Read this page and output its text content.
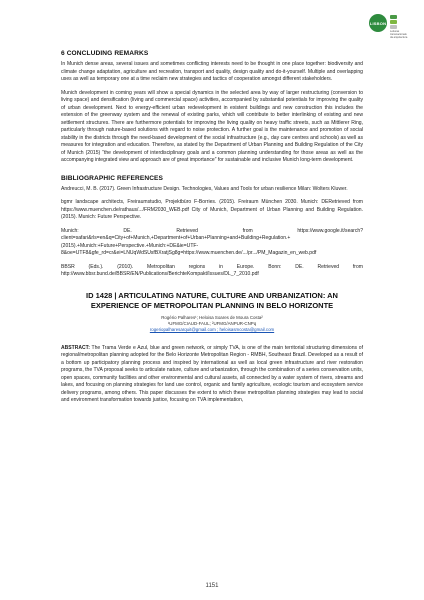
LISBON
Leituras transnacionais da arquitectura
6 CONCLUDING REMARKS

In Munich dense areas, several issues and sometimes conflicting interests need to be thought in one place together: biodiversity and climate change adaptation, agriculture and recreation, transport and quality, design quality and do-it-yourself. Multiple and overlapping uses as well as temporary one at a time reclaim new strategies and tactics of cooperation amongst different stakeholders.

Munich development in coming years will show a special dynamics in the selected area by way of larger restructuring (conversion to living space) and densification (living and commercial space) activities, accompanied by substantial potentials for improving the quality of urban development. Next to energy-efficient urban redevelopment in existent buildings and new construction this includes the extension of the greenway system and the renewal of existing parks, which will contribute to better interlinking of existing and new settlement structures. There are furthermore potentials for improving the living quality on heavy traffic streets, such as Mittlerer Ring, particularly through nature-based solutions with regard to noise protection. A further goal is the maintenance and promotion of social stability in the districts through the need-based development of the social infrastructure (e.g., day care centres and schools) as well as measures for integration and education. Therefore, as stated by the Department of Urban Planning and Building Regulation of the City of Munich (2015) “the development of interdisciplinary goals and a common planning understanding for those areas as well as the accompanying integrated view and approach are of great importance” for sustainable and inclusive Munich long-term development.

BIBLIOGRAPHIC REFERENCES

Andreucci, M. B. (2017). Green Infrastructure Design. Technologies, Values and Tools for urban resilience Milan: Wolters Kluwer.

bgmr landscape architects, Freiraumstudio, Projektbüro F-Borries. (2015). Freiraum München 2030. Munich: DERetrieved from https://www.muenchen.de/rathaus/.../FRM2030_WEB.pdf City of Munich, Department of Urban Planning and Building Regulation. (2015). Munich: Future Perspective.

Munich: DE. Retrieved from https://www.google.it/search?client=safari&rls=en&q=City+of+Munich,+Department+of+Urban+Planning+and+Building+Regulation.+(2015).+Munich:+Future+Perspective.+Munich:+DE&ie=UTF-8&oe=UTF8&gfe_rd=cr&ei=LNUqWdSUsfBXratjSg8g=https://www.muenchen.de/.../pr.../PM_Magazin_en_web.pdf

BBSR (Eds.). (2010). Metropolitan regions in Europe. Bonn: DE. Retrieved from http://www.bbsr.bund.de/BBSR/EN/Publications/BerichteKompakt/Issues/DL_7_2010.pdf

ID 1428 | ARTICULATING NATURE, CULTURE AND URBANIZATION: AN EXPERIENCE OF METROPOLITAN PLANNING IN BELO HORIZONTE

Rogério Palhares¹; Heloisa Soares de Moura Costa²

¹UFMG/CIAUD-FAUL; ²UFMG/ANPUR-CNPq

rogeriopalharesarquit@gmail.com ; heloisasmcosta@gmail.com

ABSTRACT: The Trama Verde e Azul, blue and green network, or simply TVA, is one of the main territorial structuring dimensions of regional/metropolitan planning adopted for the Belo Horizonte Metropolitan Region - RMBH, Southeast Brazil. Developed as a result of a bottom up participatory planning process and inspired by international as well as local green infrastructure and river restoration programs, the TVA proposal seeks to articulate nature, culture and urbanization, through the combination of a series conservation units, open spaces, community facilities and other environmental and cultural assets, all connected by a water system of rivers, streams and lakes, and focusing on planning strategies for land use control, organic and family agriculture, ecologic tourism and ecosystem service delivery programs, among others. This paper discusses the extent to which these metropolitan planning strategies may lead to social and environment transformation towards justice, focusing on TVA implementation,

1151
